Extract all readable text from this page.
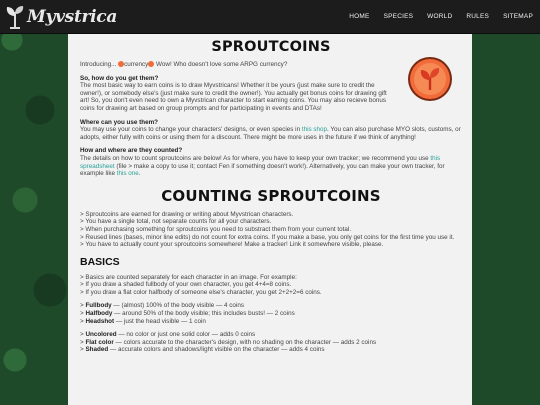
Myvstrica	HOME	SPECIES	WORLD	RULES	SITEMAP
SPROUTCOINS

Introducing... currency Wow! Who doesn't love some ARPG currency?

So, how do you get them?

The most basic way to earn coins is to draw Myvstricans! Whether it be yours (just make sure to credit the owner!), or somebody else's (just make sure to credit the owner!). You actually get bonus coins for drawing gift art! So, you don't even need to own a Myvstrican character to start earning coins. You may also recieve bonus coins for drawing art based on group prompts and for participating in events and DTAs!

Where can you use them?

You may use your coins to change your characters' designs, or even species in this shop. You can also purchase MYO slots, customs, or adopts, either fully with coins or using them for a discount. There might be more uses in the future if we think of anything!

How and where are they counted?

The details on how to count sproutcoins are below! As for where, you have to keep your own tracker; we recommend you use this spreadsheet (file > make a copy to use it; contact Fen if something doesn't work!). Alternatively, you can make your own tracker, for example like this one.

COUNTING SPROUTCOINS
> Sproutcoins are earned for drawing or writing about Myvstrican characters.
> You have a single total, not separate counts for all your characters.
> When purchasing something for sproutcoins you need to substract them from your current total.
> Reused lines (bases, minor line edits) do not count for extra coins. If you make a base, you only get coins for the first time you use it.
> You have to actually count your sproutcoins somewhere! Make a tracker! Link it somewhere visible, please.
BASICS
> Basics are counted separately for each character in an image. For example:
> If you draw a shaded fullbody of your own character, you get 4+4=8 coins.
> If you draw a flat color halfbody of someone else's character, you get 2+2+2=6 coins.
> Fullbody — (almost) 100% of the body visible — 4 coins
> Halfbody — around 50% of the body visible; this includes busts! — 2 coins
> Headshot — just the head visible — 1 coin
> Uncolored — no color or just one solid color — adds 0 coins
> Flat color — colors accurate to the character's design, with no shading on the character — adds 2 coins
> Shaded — accurate colors and shadows/light visible on the character — adds 4 coins
